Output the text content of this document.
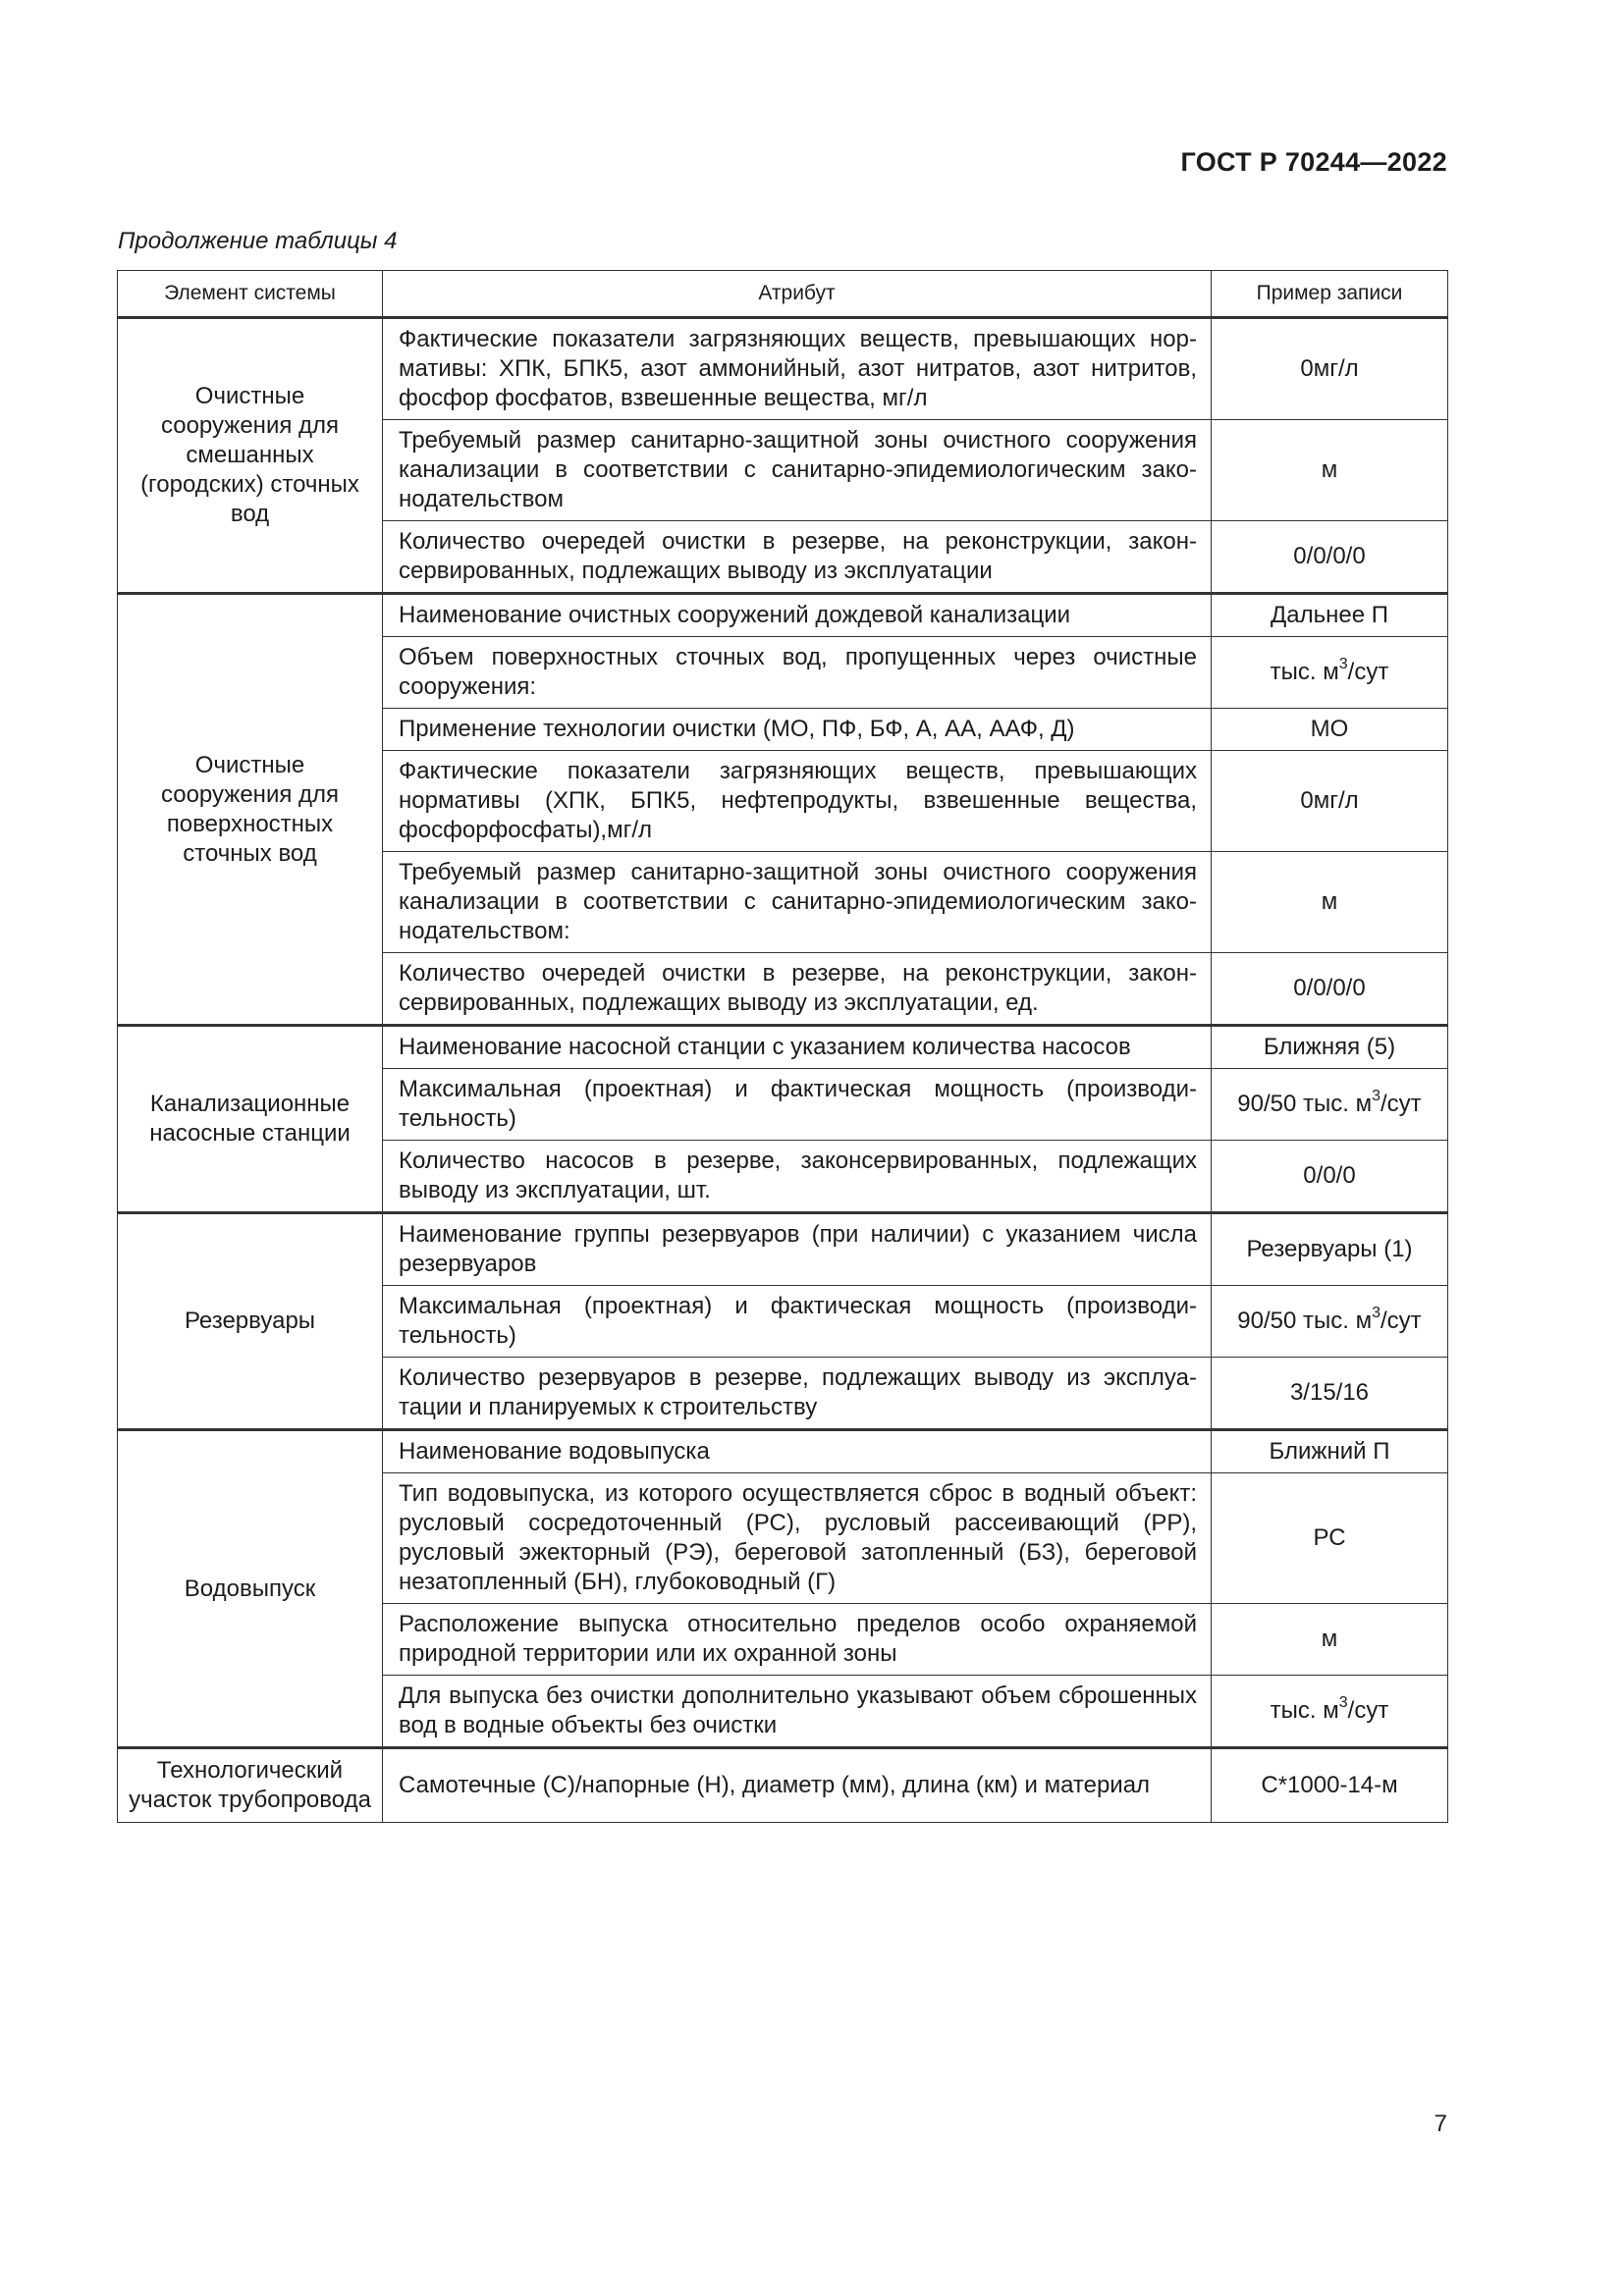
ГОСТ Р 70244—2022
Продолжение таблицы 4
Элемент системы	Атрибут	Пример записи
Очистные сооружения для смешанных (городских) сточных вод	Фактические показатели загрязняющих веществ, превышающих нормативы: ХПК, БПК5, азот аммонийный, азот нитратов, азот нитритов, фосфор фосфатов, взвешенные вещества, мг/л	0мг/л
	Требуемый размер санитарно-защитной зоны очистного сооружения канализации в соответствии с санитарно-эпидемиологическим законодательством	м
	Количество очередей очистки в резерве, на реконструкции, законсервированных, подлежащих выводу из эксплуатации	0/0/0/0
Очистные сооружения для поверхностных сточных вод	Наименование очистных сооружений дождевой канализации	Дальнее П
	Объем поверхностных сточных вод, пропущенных через очистные сооружения:	тыс. $м^3$/сут
	Применение технологии очистки (МО, ПФ, БФ, А, АА, ААФ, Д)	МО
	Фактические показатели загрязняющих веществ, превышающих нормативы (ХПК, БПК5, нефтепродукты, взвешенные вещества, фосфорфосфаты),мг/л	0мг/л
	Требуемый размер санитарно-защитной зоны очистного сооружения канализации в соответствии с санитарно-эпидемиологическим законодательством:	м
	Количество очередей очистки в резерве, на реконструкции, законсервированных, подлежащих выводу из эксплуатации, ед.	0/0/0/0
Канализационные насосные станции	Наименование насосной станции с указанием количества насосов	Ближняя (5)
	Максимальная (проектная) и фактическая мощность (производительность)	90/50 тыс. $м^3$/сут
	Количество насосов в резерве, законсервированных, подлежащих выводу из эксплуатации, шт.	0/0/0
Резервуары	Наименование группы резервуаров (при наличии) с указанием числа резервуаров	Резервуары (1)
	Максимальная (проектная) и фактическая мощность (производительность)	90/50 тыс. $м^3$/сут
	Количество резервуаров в резерве, подлежащих выводу из эксплуатации и планируемых к строительству	3/15/16
Водовыпуск	Наименование водовыпуска	Ближний П
	Тип водовыпуска, из которого осуществляется сброс в водный объект: русловый сосредоточенный (РС), русловый рассеивающий (РР), русловый эжекторный (РЭ), береговой затопленный (БЗ), береговой незатопленный (БН), глубоководный (Г)	РС
	Расположение выпуска относительно пределов особо охраняемой природной территории или их охранной зоны	м
	Для выпуска без очистки дополнительно указывают объем сброшенных вод в водные объекты без очистки	тыс. $м^3$/сут
Технологический участок трубопровода	Самотечные (С)/напорные (Н), диаметр (мм), длина (км) и материал	С*1000-14-м
7
